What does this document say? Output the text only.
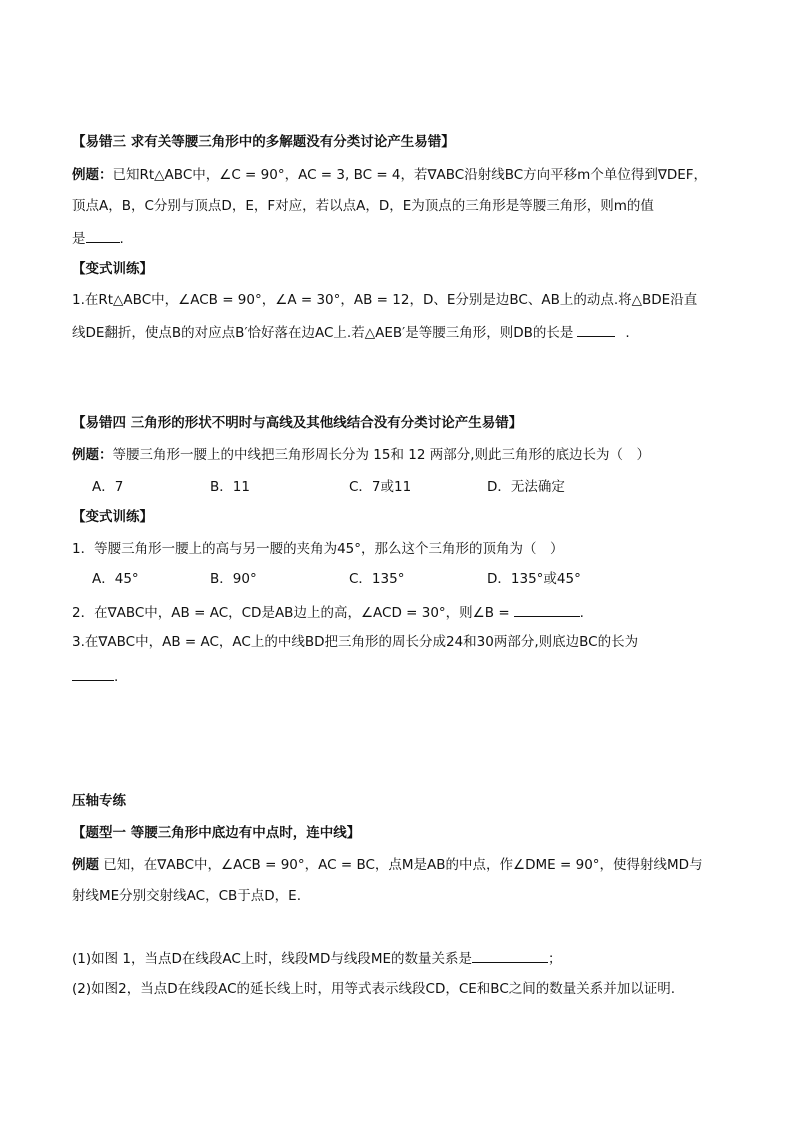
【易错三 求有关等腰三角形中的多解题没有分类讨论产生易错】
例题：已知Rt△ABC中，∠C = 90°，AC = 3, BC = 4，若∇ABC沿射线BC方向平移m个单位得到∇DEF，
顶点A，B，C分别与顶点D，E，F对应，若以点A，D，E为顶点的三角形是等腰三角形，则m的值
是	.
【变式训练】
1.在Rt△ABC中，∠ACB = 90°，∠A = 30°，AB = 12，D、E分别是边BC、AB上的动点.将△BDE沿直
线DE翻折，使点B的对应点B′恰好落在边AC上.若△AEB′是等腰三角形，则DB的长是	.
【易错四 三角形的形状不明时与高线及其他线结合没有分类讨论产生易错】
例题：等腰三角形一腰上的中线把三角形周长分为 15和 12 两部分,则此三角形的底边长为（　）
A．7	B．11	C．7或11	D．无法确定
【变式训练】
1．等腰三角形一腰上的高与另一腰的夹角为45°，那么这个三角形的顶角为（　）
A．45°	B．90°	C．135°	D．135°或45°
2．在∇ABC中，AB = AC，CD是AB边上的高，∠ACD = 30°，则∠B =	.
3.在∇ABC中，AB = AC，AC上的中线BD把三角形的周长分成24和30两部分,则底边BC的长为
.
压轴专练
【题型一 等腰三角形中底边有中点时，连中线】
例题 已知，在∇ABC中，∠ACB = 90°，AC = BC，点M是AB的中点，作∠DME = 90°，使得射线MD与
射线ME分别交射线AC，CB于点D，E.
(1)如图 1，当点D在线段AC上时，线段MD与线段ME的数量关系是	；
(2)如图2，当点D在线段AC的延长线上时，用等式表示线段CD，CE和BC之间的数量关系并加以证明.
